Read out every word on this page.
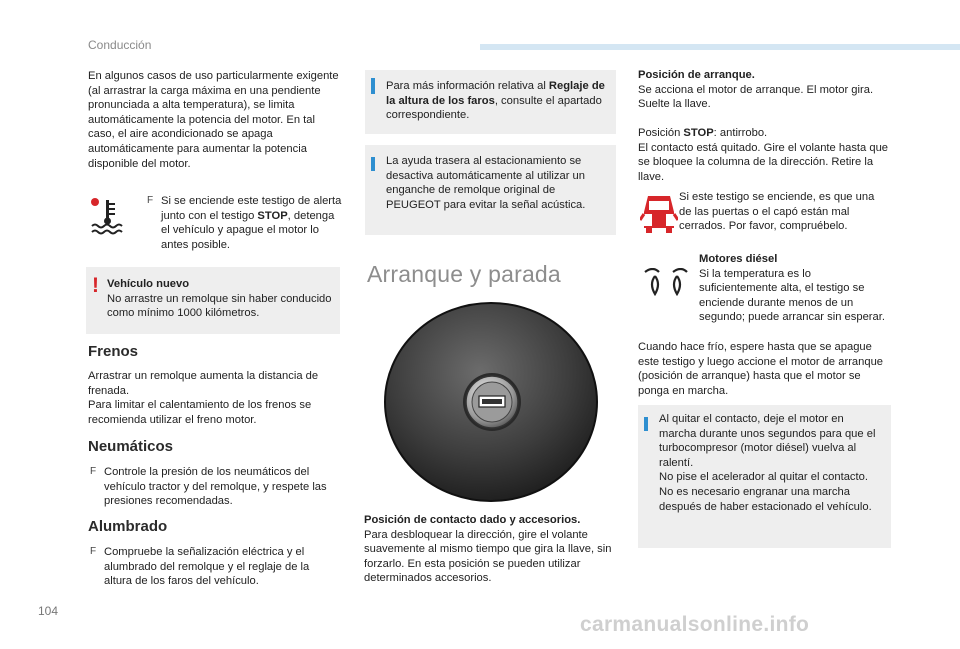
Conducción

En algunos casos de uso particularmente exigente (al arrastrar la carga máxima en una pendiente pronunciada a alta temperatura), se limita automáticamente la potencia del motor. En tal caso, el aire acondicionado se apaga automáticamente para aumentar la potencia disponible del motor.

F Si se enciende este testigo de alerta junto con el testigo STOP, detenga el vehículo y apague el motor lo antes posible.
! Vehículo nuevo

No arrastre un remolque sin haber conducido como mínimo 1000 kilómetros.

Frenos

Arrastrar un remolque aumenta la distancia de frenada.

Para limitar el calentamiento de los frenos se recomienda utilizar el freno motor.

Neumáticos
F Controle la presión de los neumáticos del vehículo tractor y del remolque, y respete las presiones recomendadas.
Alumbrado
F Compruebe la señalización eléctrica y el alumbrado del remolque y el reglaje de la altura de los faros del vehículo.
Para más información relativa al Reglaje de la altura de los faros, consulte el apartado correspondiente.
La ayuda trasera al estacionamiento se desactiva automáticamente al utilizar un enganche de remolque original de PEUGEOT para evitar la señal acústica.
Arranque y parada

Posición de contacto dado y accesorios.

Para desbloquear la dirección, gire el volante suavemente al mismo tiempo que gira la llave, sin forzarlo. En esta posición se pueden utilizar determinados accesorios.

Posición de arranque.

Se acciona el motor de arranque. El motor gira. Suelte la llave.

Posición STOP: antirrobo.

El contacto está quitado. Gire el volante hasta que se bloquee la columna de la dirección. Retire la llave.

Si este testigo se enciende, es que una de las puertas o el capó están mal cerrados. Por favor, compruébelo.

Motores diésel

Si la temperatura es lo suficientemente alta, el testigo se enciende durante menos de un segundo; puede arrancar sin esperar.

Cuando hace frío, espere hasta que se apague este testigo y luego accione el motor de arranque (posición de arranque) hasta que el motor se ponga en marcha.

Al quitar el contacto, deje el motor en marcha durante unos segundos para que el turbocompresor (motor diésel) vuelva al ralentí.

No pise el acelerador al quitar el contacto.

No es necesario engranar una marcha después de haber estacionado el vehículo.

104
carmanualsonline.info
